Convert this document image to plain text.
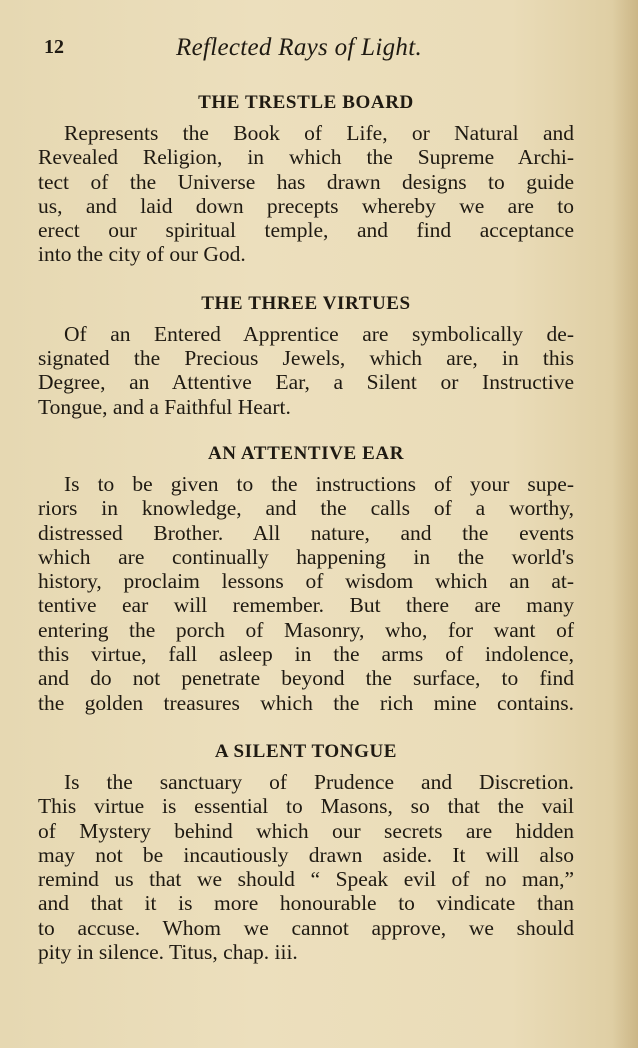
12	Reflected Rays of Light.
THE TRESTLE BOARD
Represents the Book of Life, or Natural and
Revealed Religion, in which the Supreme Archi-
tect of the Universe has drawn designs to guide
us, and laid down precepts whereby we are to
erect our spiritual temple, and find acceptance
into the city of our God.
THE THREE VIRTUES
Of an Entered Apprentice are symbolically de-
signated the Precious Jewels, which are, in this
Degree, an Attentive Ear, a Silent or Instructive
Tongue, and a Faithful Heart.
AN ATTENTIVE EAR
Is to be given to the instructions of your supe-
riors in knowledge, and the calls of a worthy,
distressed Brother. All nature, and the events
which are continually happening in the world's
history, proclaim lessons of wisdom which an at-
tentive ear will remember. But there are many
entering the porch of Masonry, who, for want of
this virtue, fall asleep in the arms of indolence,
and do not penetrate beyond the surface, to find
the golden treasures which the rich mine contains.
A SILENT TONGUE
Is the sanctuary of Prudence and Discretion.
This virtue is essential to Masons, so that the vail
of Mystery behind which our secrets are hidden
may not be incautiously drawn aside. It will also
remind us that we should “ Speak evil of no man,”
and that it is more honourable to vindicate than
to accuse. Whom we cannot approve, we should
pity in silence. Titus, chap. iii.
